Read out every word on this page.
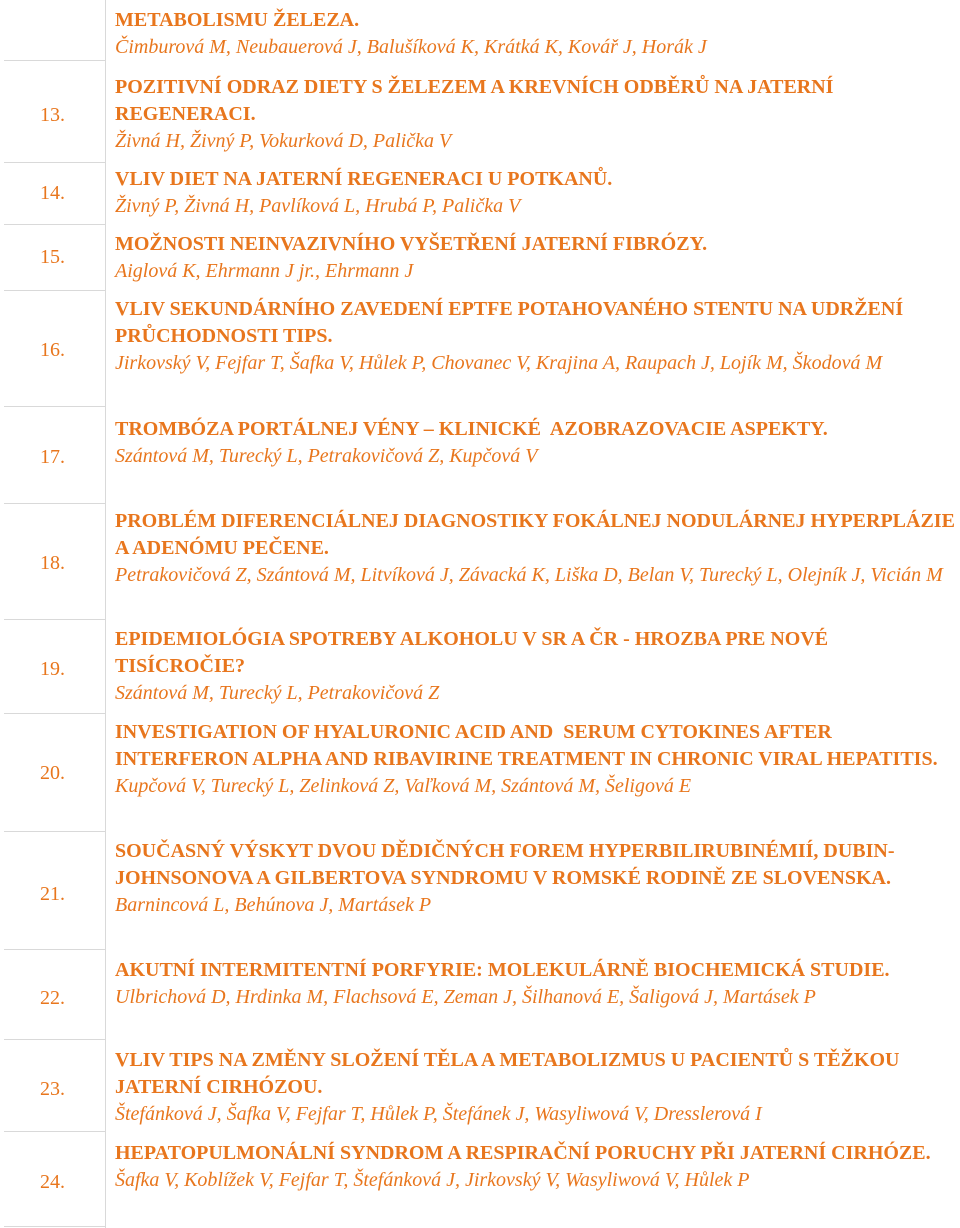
13.
14.
15.
16.
17.
18.
19.
20.
21.
22.
23.
24.
METABOLISMU ŽELEZA.
Čimburová M, Neubauerová J, Balušíková K, Krátká K, Kovář J, Horák J
POZITIVNÍ ODRAZ DIETY S ŽELEZEM A KREVNÍCH ODBĚRŮ NA JATERNÍ REGENERACI.
Živná H, Živný P, Vokurková D, Palička V
VLIV DIET NA JATERNÍ REGENERACI U POTKANŮ.
Živný P, Živná H, Pavlíková L, Hrubá P, Palička V
MOŽNOSTI NEINVAZIVNÍHO VYŠETŘENÍ JATERNÍ FIBRÓZY.
Aiglová K, Ehrmann J jr., Ehrmann J
VLIV SEKUNDÁRNÍHO ZAVEDENÍ EPTFE POTAHOVANÉHO STENTU NA UDRŽENÍ PRŮCHODNOSTI TIPS.
Jirkovský V, Fejfar T, Šafka V, Hůlek P, Chovanec V, Krajina A, Raupach J, Lojík M, Škodová M
TROMBÓZA PORTÁLNEJ VÉNY – KLINICKÉ  AZOBRAZOVACIE ASPEKTY.
Szántová M, Turecký L, Petrakovičová Z, Kupčová V
PROBLÉM DIFERENCIÁLNEJ DIAGNOSTIKY FOKÁLNEJ NODULÁRNEJ HYPERPLÁZIE A ADENÓMU PEČENE.
Petrakovičová Z, Szántová M, Litvíková J, Závacká K, Liška D, Belan V, Turecký L, Olejník J, Vicián M
EPIDEMIOLÓGIA SPOTREBY ALKOHOLU V SR A ČR - HROZBA PRE NOVÉ TISÍCROČIE?
Szántová M, Turecký L, Petrakovičová Z
INVESTIGATION OF HYALURONIC ACID AND  SERUM CYTOKINES AFTER INTERFERON ALPHA AND RIBAVIRINE TREATMENT IN CHRONIC VIRAL HEPATITIS.
Kupčová V, Turecký L, Zelinková Z, Vaľková M, Szántová M, Šeligová E
SOUČASNÝ VÝSKYT DVOU DĚDIČNÝCH FOREM HYPERBILIRUBINÉMIÍ, DUBIN-JOHNSONOVA A GILBERTOVA SYNDROMU V ROMSKÉ RODINĚ ZE SLOVENSKA.
Barnincová L, Behúnova J, Martásek P
AKUTNÍ INTERMITENTNÍ PORFYRIE: MOLEKULÁRNĚ BIOCHEMICKÁ STUDIE.
Ulbrichová D, Hrdinka M, Flachsová E, Zeman J, Šilhanová E, Šaligová J, Martásek P
VLIV TIPS NA ZMĚNY SLOŽENÍ TĚLA A METABOLIZMUS U PACIENTŮ S TĚŽKOU JATERNÍ CIRHÓZOU.
Štefánková J, Šafka V, Fejfar T, Hůlek P, Štefánek J, Wasyliwová V, Dresslerová I
HEPATOPULMONÁLNÍ SYNDROM A RESPIRAČNÍ PORUCHY PŘI JATERNÍ CIRHÓZE.
Šafka V, Koblížek V, Fejfar T, Štefánková J, Jirkovský V, Wasyliwová V, Hůlek P
